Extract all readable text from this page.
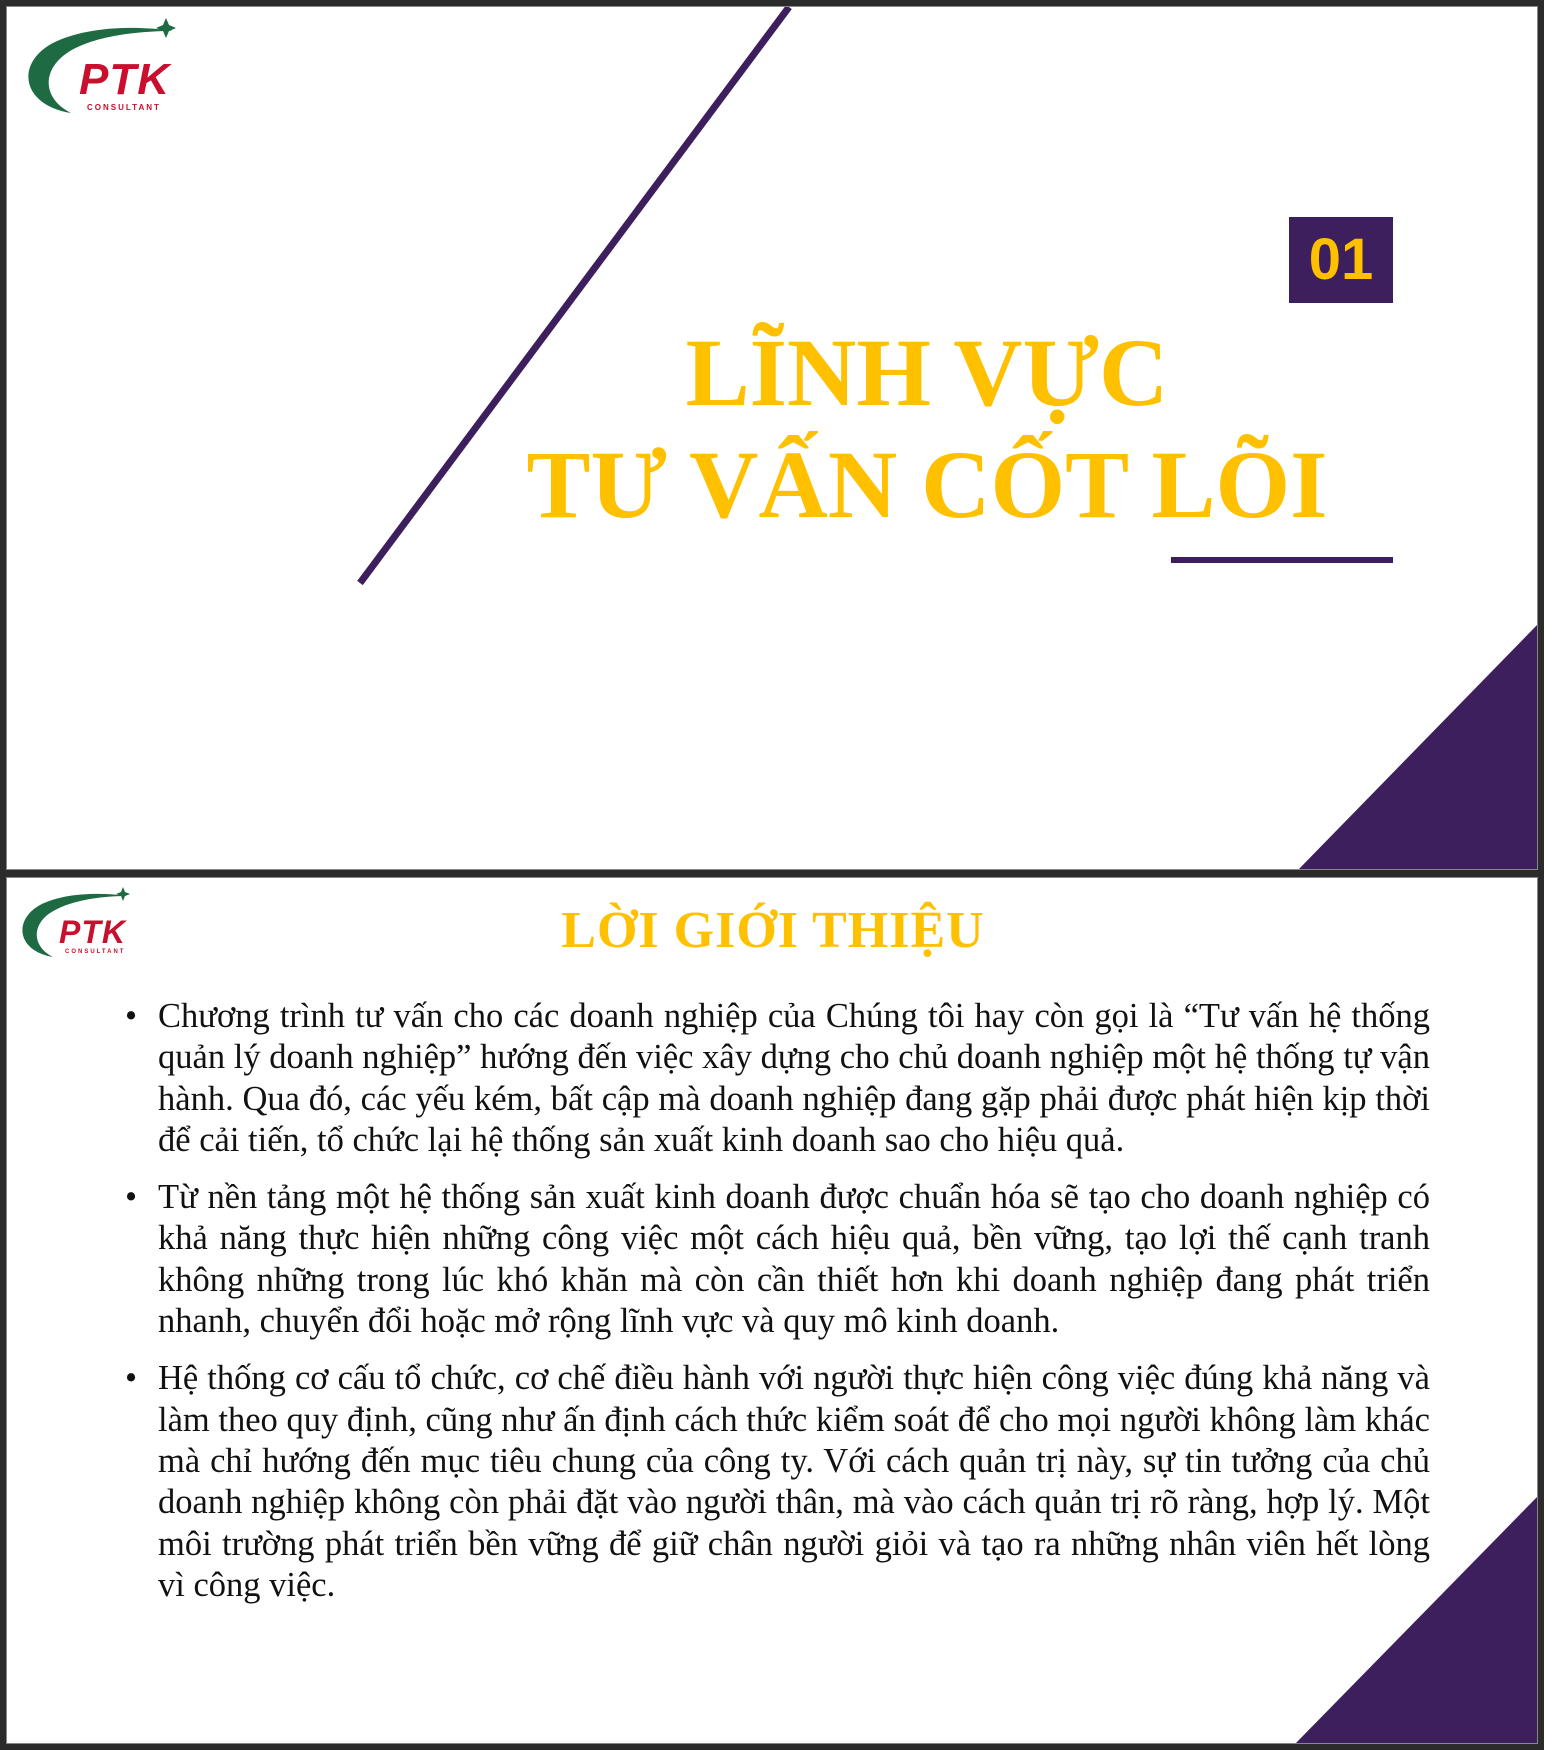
PTK
CONSULTANT
01
LĨNH VỰC
TƯ VẤN CỐT LÕI
PTK
CONSULTANT	LỜI GIỚI THIỆU
• Chương trình tư vấn cho các doanh nghiệp của Chúng tôi hay còn gọi là “Tư vấn hệ thống quản lý doanh nghiệp” hướng đến việc xây dựng cho chủ doanh nghiệp một hệ thống tự vận hành. Qua đó, các yếu kém, bất cập mà doanh nghiệp đang gặp phải được phát hiện kịp thời để cải tiến, tổ chức lại hệ thống sản xuất kinh doanh sao cho hiệu quả.
• Từ nền tảng một hệ thống sản xuất kinh doanh được chuẩn hóa sẽ tạo cho doanh nghiệp có khả năng thực hiện những công việc một cách hiệu quả, bền vững, tạo lợi thế cạnh tranh không những trong lúc khó khăn mà còn cần thiết hơn khi doanh nghiệp đang phát triển nhanh, chuyển đổi hoặc mở rộng lĩnh vực và quy mô kinh doanh.
• Hệ thống cơ cấu tổ chức, cơ chế điều hành với người thực hiện công việc đúng khả năng và làm theo quy định, cũng như ấn định cách thức kiểm soát để cho mọi người không làm khác mà chỉ hướng đến mục tiêu chung của công ty. Với cách quản trị này, sự tin tưởng của chủ doanh nghiệp không còn phải đặt vào người thân, mà vào cách quản trị rõ ràng, hợp lý. Một môi trường phát triển bền vững để giữ chân người giỏi và tạo ra những nhân viên hết lòng vì công việc.
